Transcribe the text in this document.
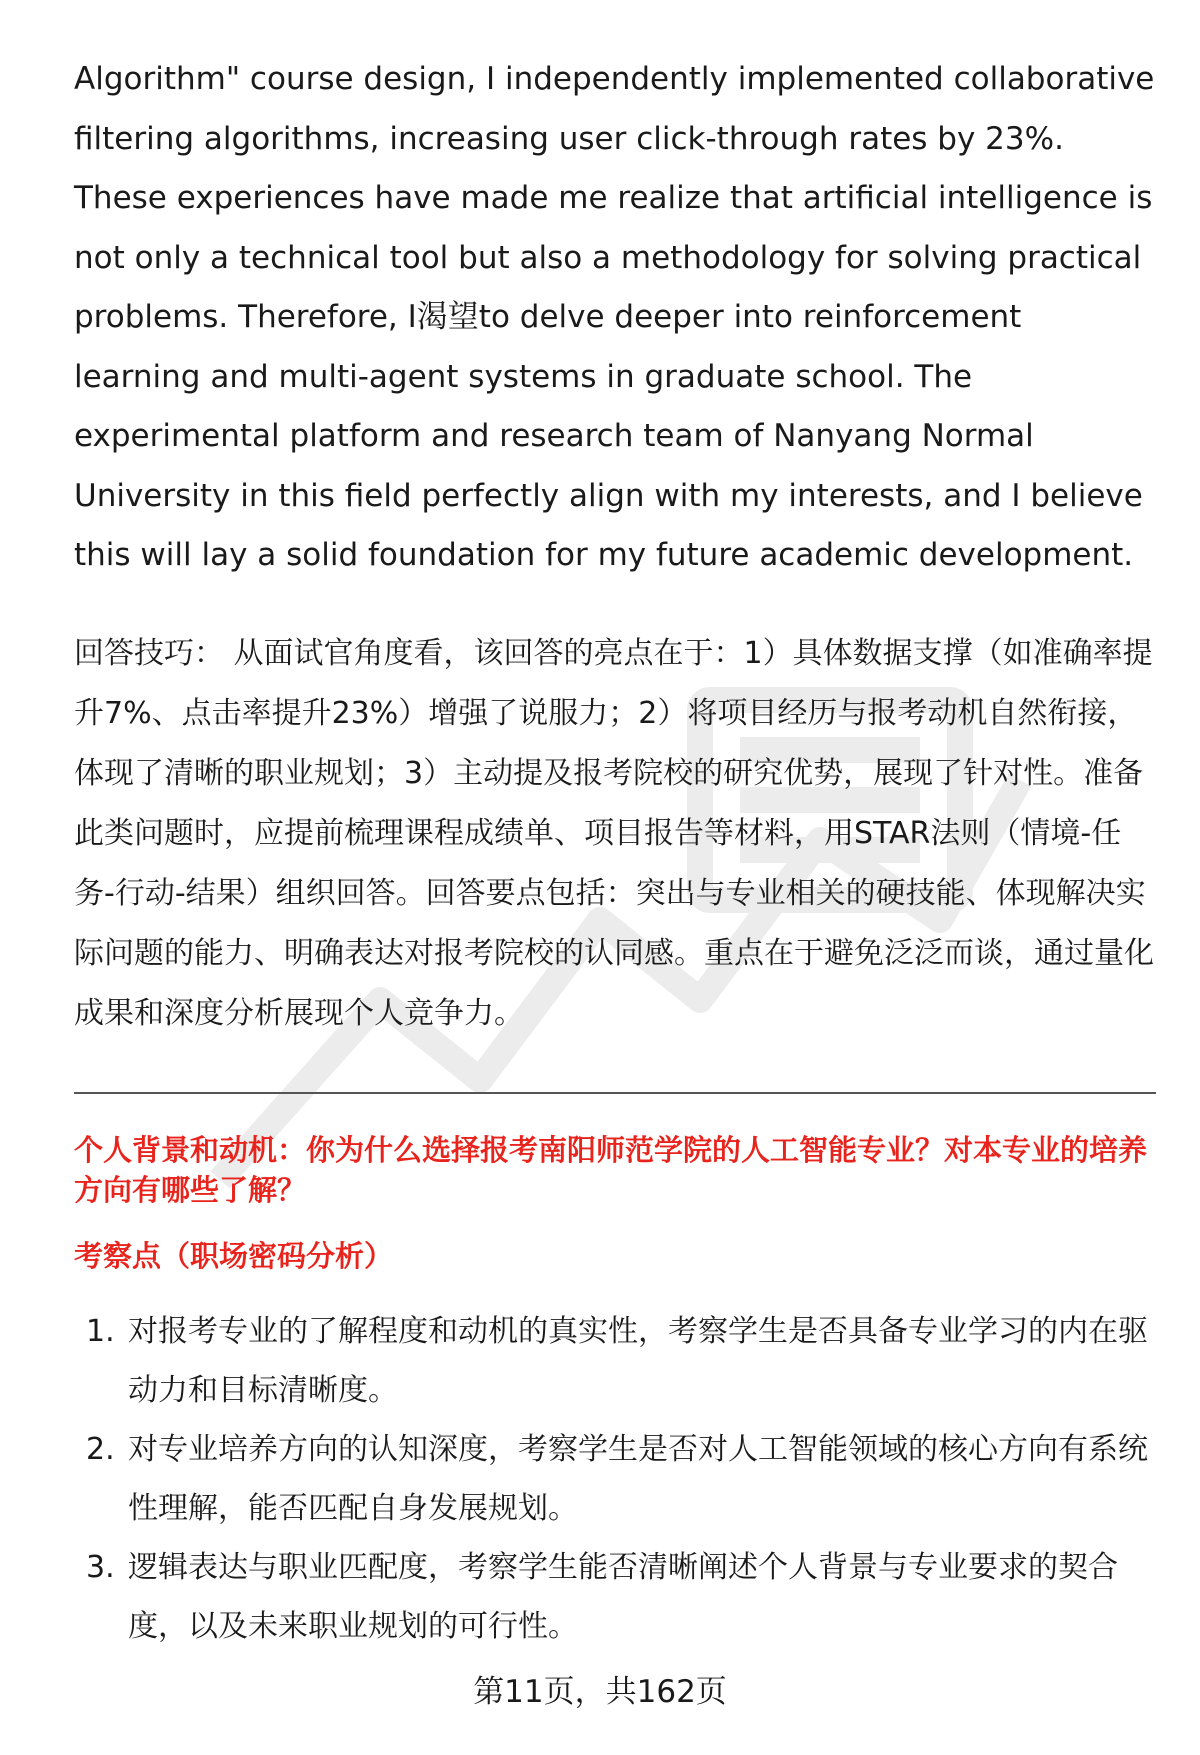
Algorithm" course design, I independently implemented collaborative filtering algorithms, increasing user click-through rates by 23%. These experiences have made me realize that artificial intelligence is not only a technical tool but also a methodology for solving practical problems. Therefore, I渴望to delve deeper into reinforcement learning and multi-agent systems in graduate school. The experimental platform and research team of Nanyang Normal University in this field perfectly align with my interests, and I believe this will lay a solid foundation for my future academic development.

回答技巧： 从面试官角度看，该回答的亮点在于：1）具体数据支撑（如准确率提升7%、点击率提升23%）增强了说服力；2）将项目经历与报考动机自然衔接，体现了清晰的职业规划；3）主动提及报考院校的研究优势，展现了针对性。准备此类问题时，应提前梳理课程成绩单、项目报告等材料，用STAR法则（情境-任务-行动-结果）组织回答。回答要点包括：突出与专业相关的硬技能、体现解决实际问题的能力、明确表达对报考院校的认同感。重点在于避免泛泛而谈，通过量化成果和深度分析展现个人竞争力。
个人背景和动机：你为什么选择报考南阳师范学院的人工智能专业？对本专业的培养方向有哪些了解？
考察点（职场密码分析）
1. 对报考专业的了解程度和动机的真实性，考察学生是否具备专业学习的内在驱动力和目标清晰度。
2. 对专业培养方向的认知深度，考察学生是否对人工智能领域的核心方向有系统性理解，能否匹配自身发展规划。
3. 逻辑表达与职业匹配度，考察学生能否清晰阐述个人背景与专业要求的契合度，以及未来职业规划的可行性。
第11页，共162页
